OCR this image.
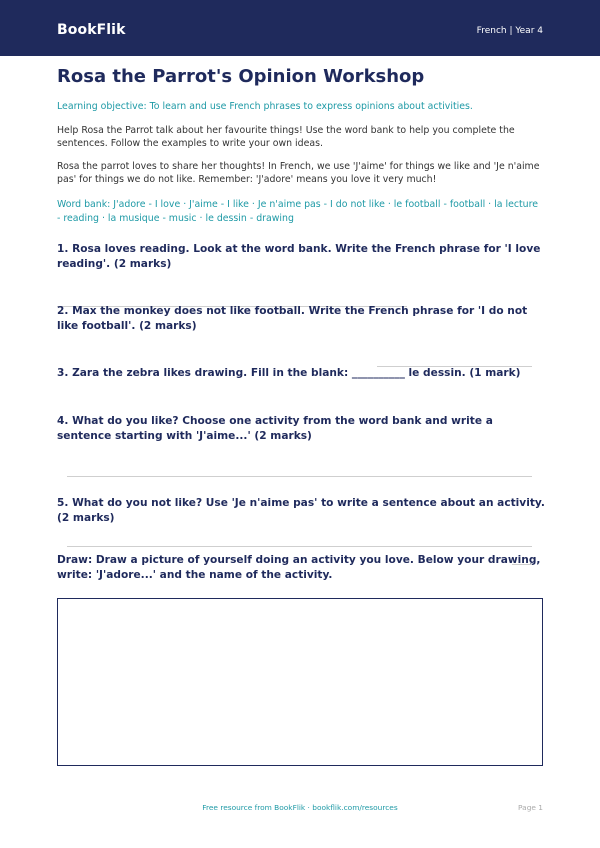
BookFlik	French | Year 4
Rosa the Parrot's Opinion Workshop
Learning objective: To learn and use French phrases to express opinions about activities.
Help Rosa the Parrot talk about her favourite things! Use the word bank to help you complete the sentences. Follow the examples to write your own ideas.
Rosa the parrot loves to share her thoughts! In French, we use 'J'aime' for things we like and 'Je n'aime pas' for things we do not like. Remember: 'J'adore' means you love it very much!
Word bank: J'adore - I love · J'aime - I like · Je n'aime pas - I do not like · le football - football · la lecture - reading · la musique - music · le dessin - drawing
1. Rosa loves reading. Look at the word bank. Write the French phrase for 'I love reading'. (2 marks)
2. Max the monkey does not like football. Write the French phrase for 'I do not like football'. (2 marks)
3. Zara the zebra likes drawing. Fill in the blank: __________ le dessin. (1 mark)
4. What do you like? Choose one activity from the word bank and write a sentence starting with 'J'aime...' (2 marks)
5. What do you not like? Use 'Je n'aime pas' to write a sentence about an activity. (2 marks)
Draw: Draw a picture of yourself doing an activity you love. Below your drawing, write: 'J'adore...' and the name of the activity.
Free resource from BookFlik · bookflik.com/resources	Page 1
